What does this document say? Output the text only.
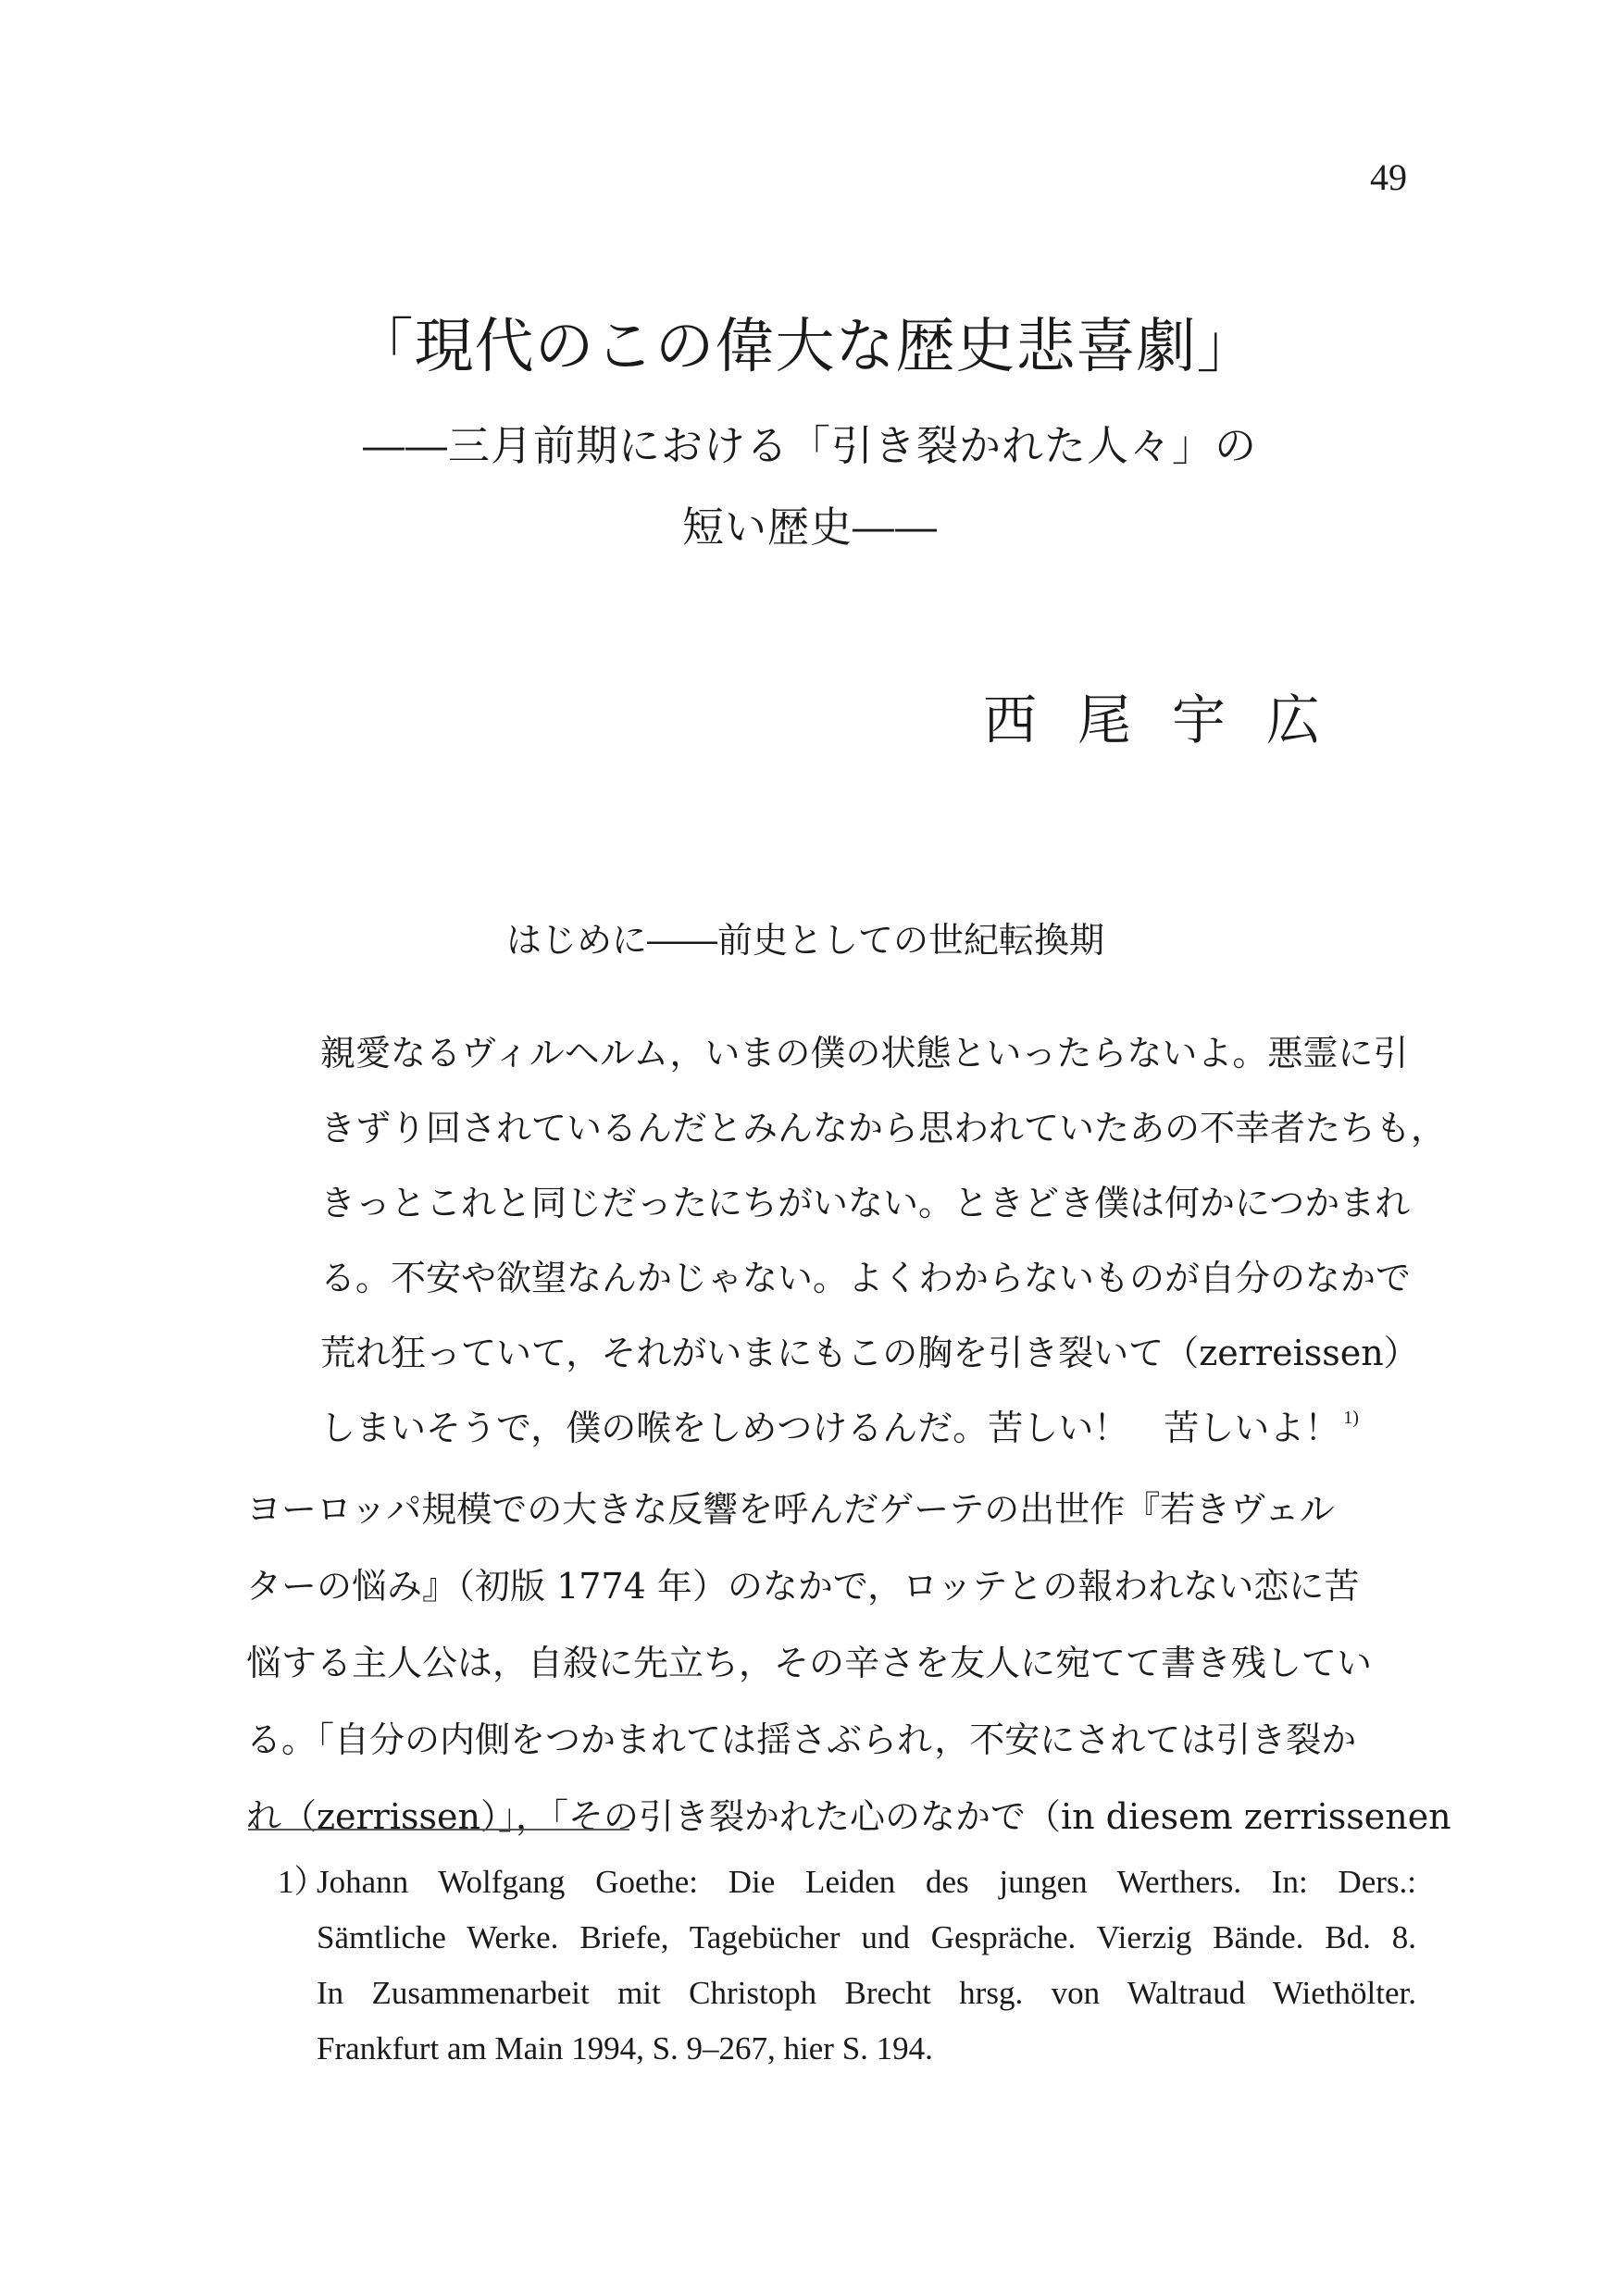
49
「現代のこの偉大な歴史悲喜劇」
――三月前期における「引き裂かれた人々」の
短い歴史――
西尾宇広
はじめに――前史としての世紀転換期
親愛なるヴィルヘルム，いまの僕の状態といったらないよ。悪霊に引
きずり回されているんだとみんなから思われていたあの不幸者たちも，
きっとこれと同じだったにちがいない。ときどき僕は何かにつかまれ
る。不安や欲望なんかじゃない。よくわからないものが自分のなかで
荒れ狂っていて，それがいまにもこの胸を引き裂いて（zerreissen）
しまいそうで，僕の喉をしめつけるんだ。苦しい！　苦しいよ！ $^{1)}$
ヨーロッパ規模での大きな反響を呼んだゲーテの出世作『若きヴェル
ターの悩み』（初版 1774 年）のなかで，ロッテとの報われない恋に苦
悩する主人公は，自殺に先立ち，その辛さを友人に宛てて書き残してい
る。「自分の内側をつかまれては揺さぶられ，不安にされては引き裂か
れ（zerrissen）」，「その引き裂かれた心のなかで（in diesem zerrissenen
1）Johann Wolfgang Goethe: Die Leiden des jungen Werthers. In: Ders.:
Sämtliche Werke. Briefe, Tagebücher und Gespräche. Vierzig Bände. Bd. 8.
In Zusammenarbeit mit Christoph Brecht hrsg. von Waltraud Wiethölter.
Frankfurt am Main 1994, S. 9–267, hier S. 194.
